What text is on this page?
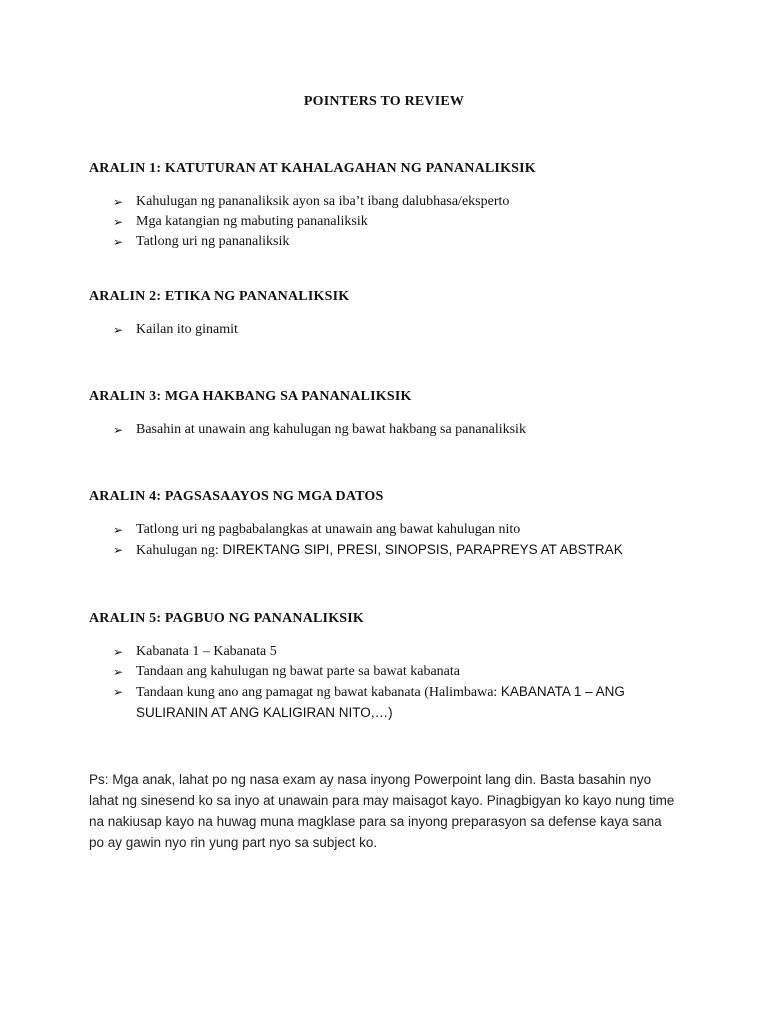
POINTERS TO REVIEW
ARALIN 1: KATUTURAN AT KAHALAGAHAN NG PANANALIKSIK
➢ Kahulugan ng pananaliksik ayon sa iba’t ibang dalubhasa/eksperto
➢ Mga katangian ng mabuting pananaliksik
➢ Tatlong uri ng pananaliksik
ARALIN 2: ETIKA NG PANANALIKSIK
➢ Kailan ito ginamit
ARALIN 3: MGA HAKBANG SA PANANALIKSIK
➢ Basahin at unawain ang kahulugan ng bawat hakbang sa pananaliksik
ARALIN 4: PAGSASAAYOS NG MGA DATOS
➢ Tatlong uri ng pagbabalangkas at unawain ang bawat kahulugan nito
➢ Kahulugan ng: DIREKTANG SIPI, PRESI, SINOPSIS, PARAPREYS AT ABSTRAK
ARALIN 5: PAGBUO NG PANANALIKSIK
➢ Kabanata 1 – Kabanata 5
➢ Tandaan ang kahulugan ng bawat parte sa bawat kabanata
➢ Tandaan kung ano ang pamagat ng bawat kabanata (Halimbawa: KABANATA 1 – ANG SULIRANIN AT ANG KALIGIRAN NITO,…)
Ps: Mga anak, lahat po ng nasa exam ay nasa inyong Powerpoint lang din. Basta basahin nyo lahat ng sinesend ko sa inyo at unawain para may maisagot kayo. Pinagbigyan ko kayo nung time na nakiusap kayo na huwag muna magklase para sa inyong preparasyon sa defense kaya sana po ay gawin nyo rin yung part nyo sa subject ko.
